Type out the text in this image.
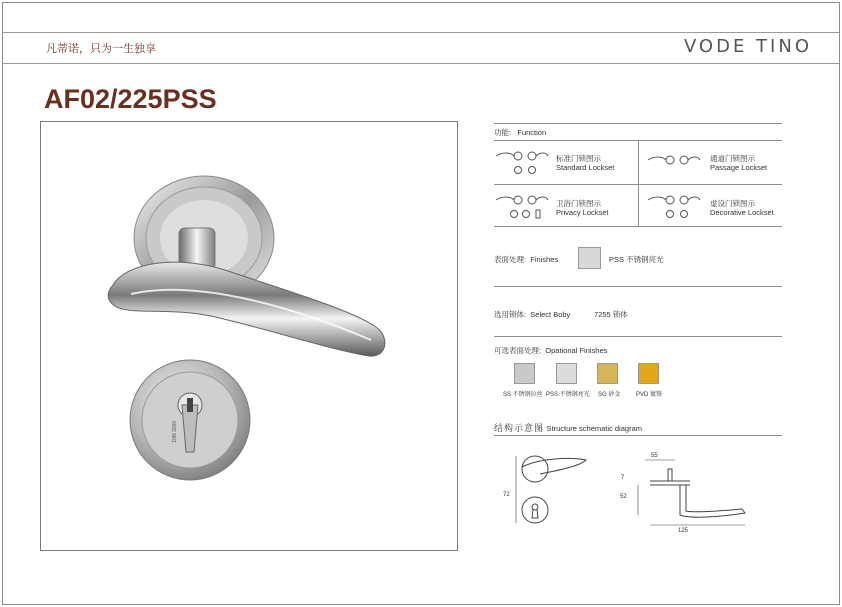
凡蒂诺，只为一生独享	VODE TINO
AF02/225PSS
DIN 3000
功能: Function
标准门锁图示
Standard Lockset
通道门锁图示
Passage Lockset
卫浴门锁图示
Privacy Lockset
虚设门锁图示
Decorative Lockset
表面处理: Finishes	PSS 不锈钢亮光
选用锁体: Select Boby	7255 锁体
可选表面处理: Opational Finishes
SS 不锈钢拉丝 PSS 不锈钢亮光 SG 砂金	PVD 镀铬
结构示意图 Structure schematic diagram
72
55
7
52
125
